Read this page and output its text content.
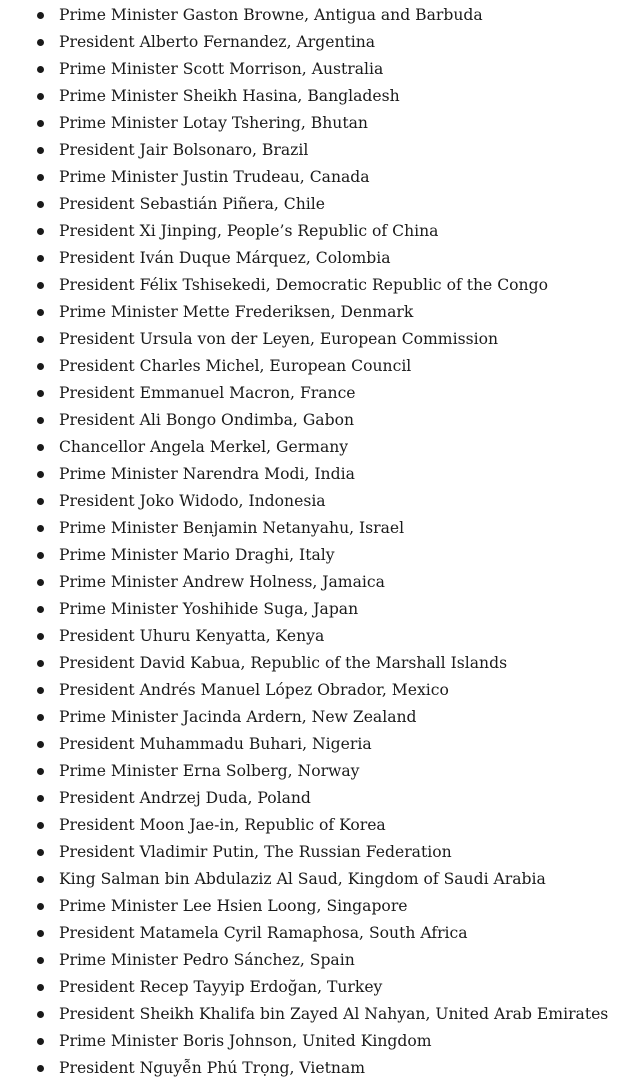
Prime Minister Gaston Browne, Antigua and Barbuda
President Alberto Fernandez, Argentina
Prime Minister Scott Morrison, Australia
Prime Minister Sheikh Hasina, Bangladesh
Prime Minister Lotay Tshering, Bhutan
President Jair Bolsonaro, Brazil
Prime Minister Justin Trudeau, Canada
President Sebastián Piñera, Chile
President Xi Jinping, People’s Republic of China
President Iván Duque Márquez, Colombia
President Félix Tshisekedi, Democratic Republic of the Congo
Prime Minister Mette Frederiksen, Denmark
President Ursula von der Leyen, European Commission
President Charles Michel, European Council
President Emmanuel Macron, France
President Ali Bongo Ondimba, Gabon
Chancellor Angela Merkel, Germany
Prime Minister Narendra Modi, India
President Joko Widodo, Indonesia
Prime Minister Benjamin Netanyahu, Israel
Prime Minister Mario Draghi, Italy
Prime Minister Andrew Holness, Jamaica
Prime Minister Yoshihide Suga, Japan
President Uhuru Kenyatta, Kenya
President David Kabua, Republic of the Marshall Islands
President Andrés Manuel López Obrador, Mexico
Prime Minister Jacinda Ardern, New Zealand
President Muhammadu Buhari, Nigeria
Prime Minister Erna Solberg, Norway
President Andrzej Duda, Poland
President Moon Jae-in, Republic of Korea
President Vladimir Putin, The Russian Federation
King Salman bin Abdulaziz Al Saud, Kingdom of Saudi Arabia
Prime Minister Lee Hsien Loong, Singapore
President Matamela Cyril Ramaphosa, South Africa
Prime Minister Pedro Sánchez, Spain
President Recep Tayyip Erdoğan, Turkey
President Sheikh Khalifa bin Zayed Al Nahyan, United Arab Emirates
Prime Minister Boris Johnson, United Kingdom
President Nguyễn Phú Trọng, Vietnam
